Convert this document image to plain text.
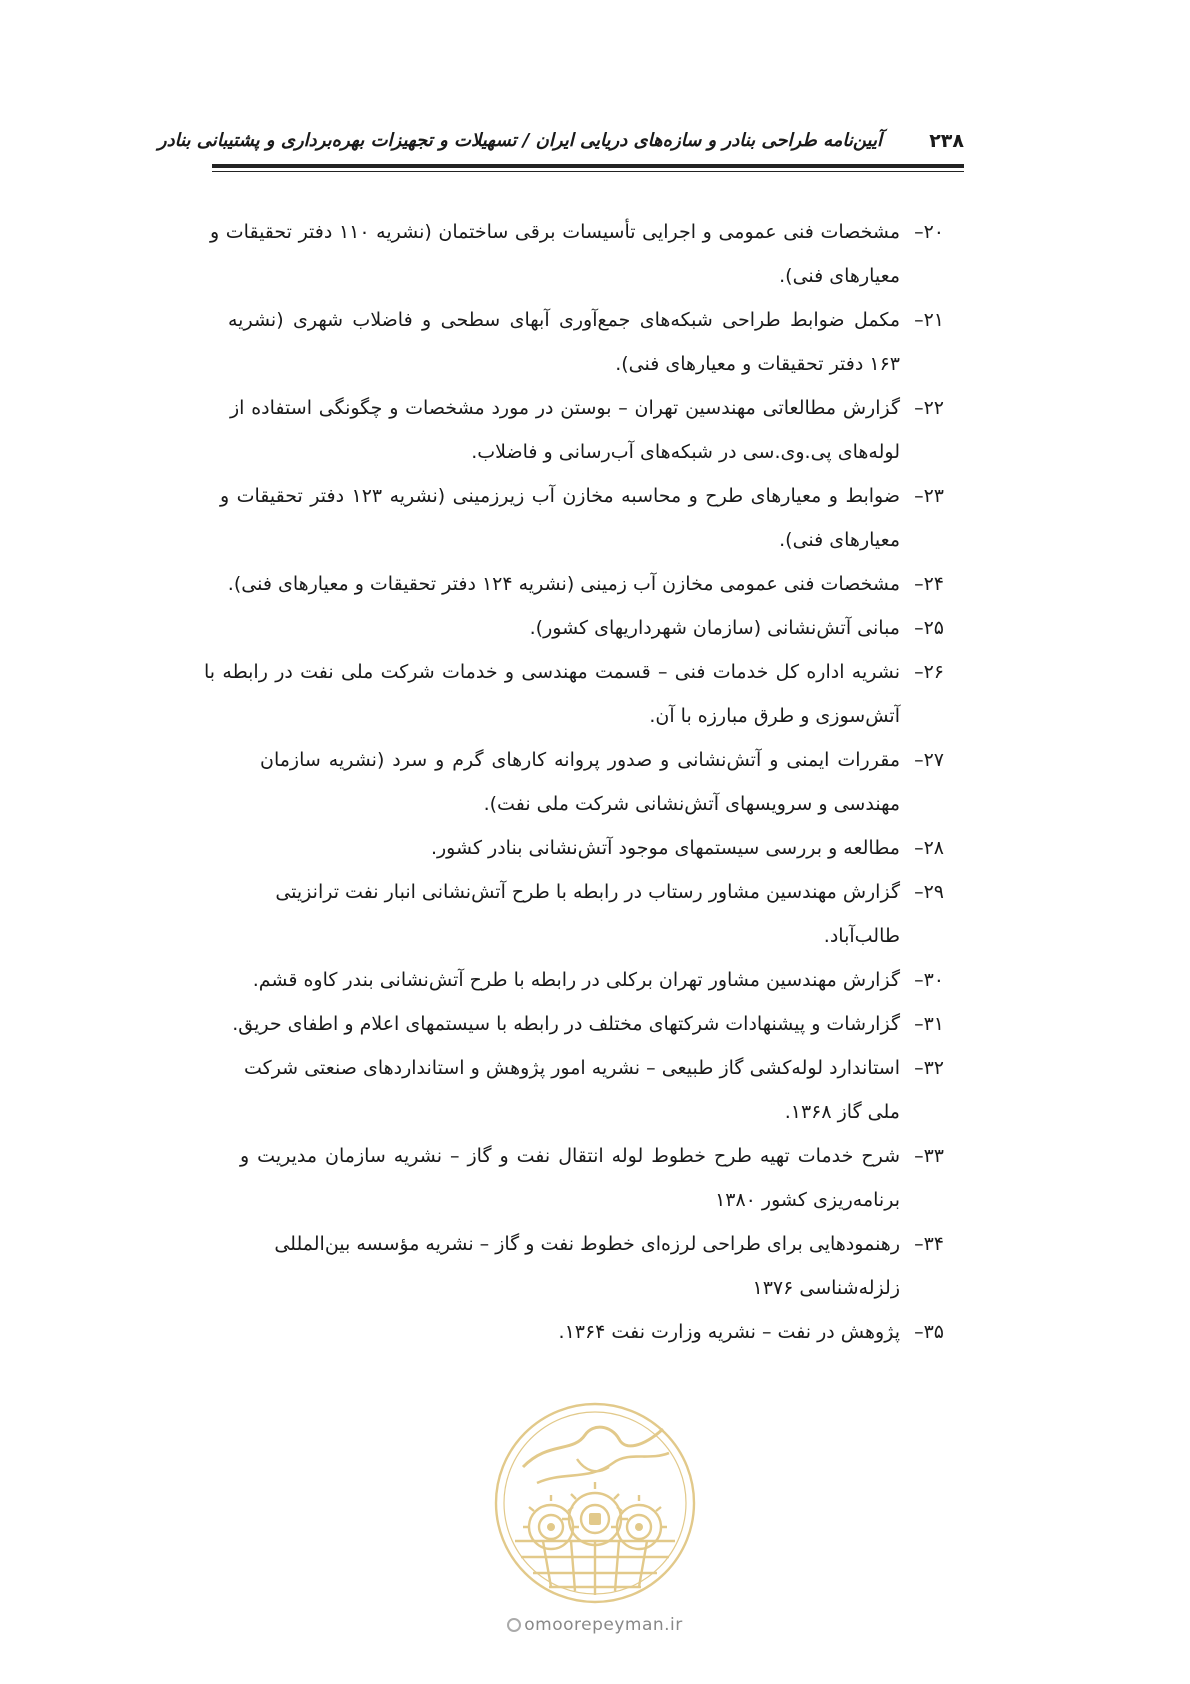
۲۳۸
آیین‌نامه طراحی بنادر و سازه‌های دریایی ایران / تسهیلات و تجهیزات بهره‌برداری و پشتیبانی بنادر
۲۰–
مشخصات فنی عمومی و اجرایی تأسیسات برقی ساختمان (نشریه ۱۱۰ دفتر تحقیقات و معیارهای فنی).
۲۱–
مکمل ضوابط طراحی شبکه‌های جمع‌آوری آبهای سطحی و فاضلاب شهری (نشریه ۱۶۳ دفتر تحقیقات و معیارهای فنی).
۲۲–
گزارش مطالعاتی مهندسین تهران – بوستن در مورد مشخصات و چگونگی استفاده از لوله‌های پی.وی.سی در شبکه‌های آب‌رسانی و فاضلاب.
۲۳–
ضوابط و معیارهای طرح و محاسبه مخازن آب زیرزمینی (نشریه ۱۲۳ دفتر تحقیقات و معیارهای فنی).
۲۴–
مشخصات فنی عمومی مخازن آب زمینی (نشریه ۱۲۴ دفتر تحقیقات و معیارهای فنی).
۲۵–
مبانی آتش‌نشانی (سازمان شهرداریهای کشور).
۲۶–
نشریه اداره کل خدمات فنی – قسمت مهندسی و خدمات شرکت ملی نفت در رابطه با آتش‌سوزی و طرق مبارزه با آن.
۲۷–
مقررات ایمنی و آتش‌نشانی و صدور پروانه کارهای گرم و سرد (نشریه سازمان مهندسی و سرویسهای آتش‌نشانی شرکت ملی نفت).
۲۸–
مطالعه و بررسی سیستمهای موجود آتش‌نشانی بنادر کشور.
۲۹–
گزارش مهندسین مشاور رستاب در رابطه با طرح آتش‌نشانی انبار نفت ترانزیتی طالب‌آباد.
۳۰–
گزارش مهندسین مشاور تهران برکلی در رابطه با طرح آتش‌نشانی بندر کاوه قشم.
۳۱–
گزارشات و پیشنهادات شرکتهای مختلف در رابطه با سیستمهای اعلام و اطفای حریق.
۳۲–
استاندارد لوله‌کشی گاز طبیعی – نشریه امور پژوهش و استانداردهای صنعتی شرکت ملی گاز ۱۳۶۸.
۳۳–
شرح خدمات تهیه طرح خطوط لوله انتقال نفت و گاز – نشریه سازمان مدیریت و برنامه‌ریزی کشور ۱۳۸۰
۳۴–
رهنمودهایی برای طراحی لرزه‌ای خطوط نفت و گاز – نشریه مؤسسه بین‌المللی زلزله‌شناسی ۱۳۷۶
۳۵–
پژوهش در نفت – نشریه وزارت نفت ۱۳۶۴.
omoorepeyman.ir
